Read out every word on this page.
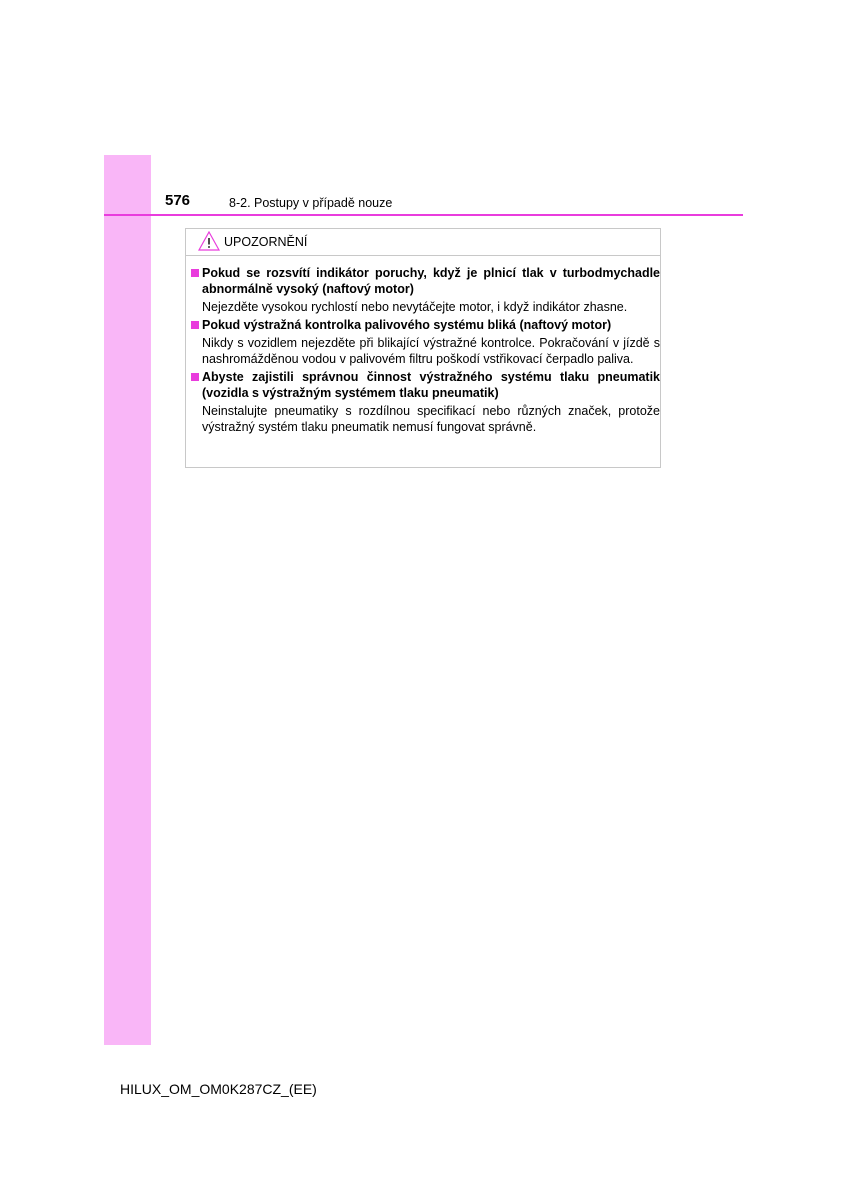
576	8-2. Postupy v případě nouze
UPOZORNĚNÍ
Pokud se rozsvítí indikátor poruchy, když je plnicí tlak v turbodmychadle abnormálně vysoký (naftový motor)
Nejezděte vysokou rychlostí nebo nevytáčejte motor, i když indikátor zhasne.
Pokud výstražná kontrolka palivového systému bliká (naftový motor)
Nikdy s vozidlem nejezděte při blikající výstražné kontrolce. Pokračování v jízdě s nashromážděnou vodou v palivovém filtru poškodí vstřikovací čerpadlo paliva.
Abyste zajistili správnou činnost výstražného systému tlaku pneumatik (vozidla s výstražným systémem tlaku pneumatik)
Neinstalujte pneumatiky s rozdílnou specifikací nebo různých značek, protože výstražný systém tlaku pneumatik nemusí fungovat správně.
HILUX_OM_OM0K287CZ_(EE)
